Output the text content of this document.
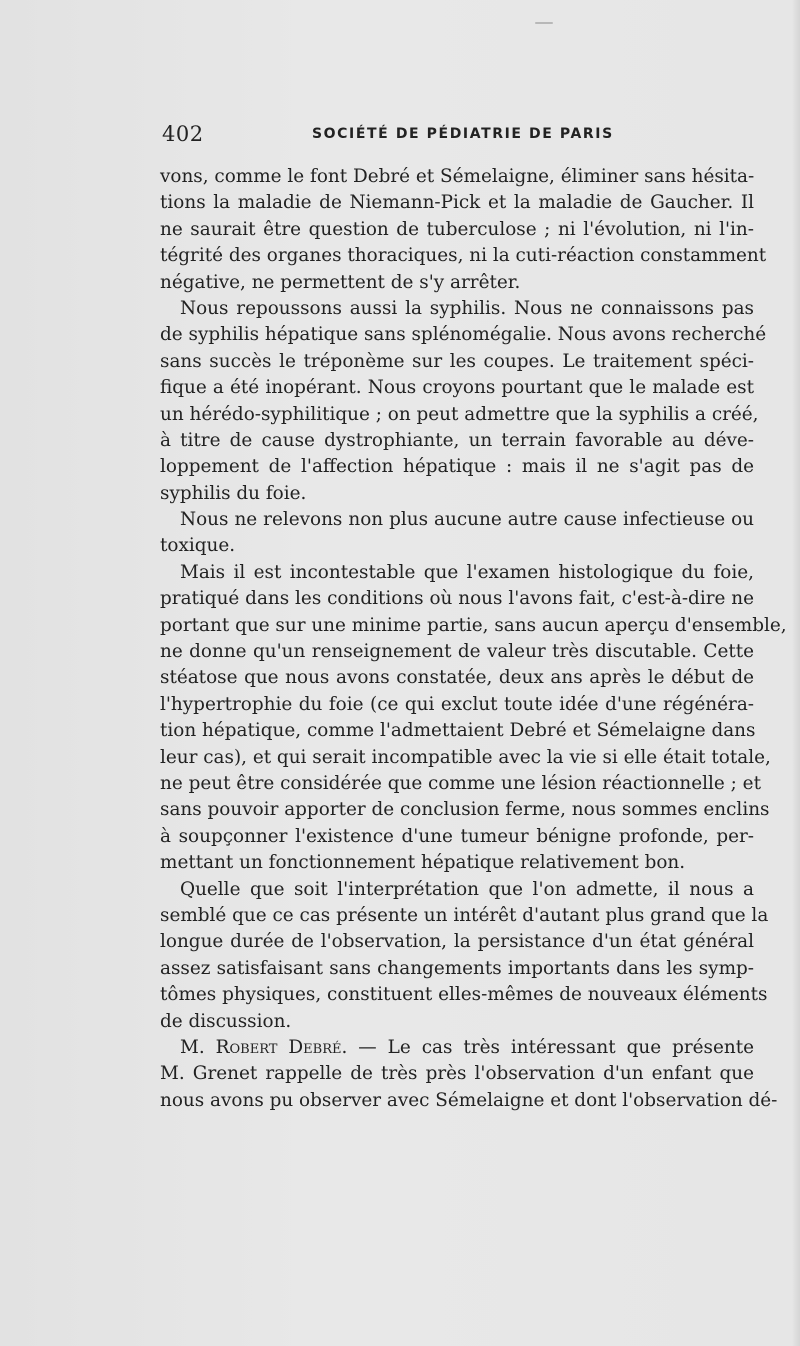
402	SOCIÉTÉ DE PÉDIATRIE DE PARIS
vons, comme le font Debré et Sémelaigne, éliminer sans hésita-
tions la maladie de Niemann-Pick et la maladie de Gaucher. Il
ne saurait être question de tuberculose ; ni l'évolution, ni l'in-
tégrité des organes thoraciques, ni la cuti-réaction constamment
négative, ne permettent de s'y arrêter.
Nous repoussons aussi la syphilis. Nous ne connaissons pas
de syphilis hépatique sans splénomégalie. Nous avons recherché
sans succès le tréponème sur les coupes. Le traitement spéci-
fique a été inopérant. Nous croyons pourtant que le malade est
un hérédo-syphilitique ; on peut admettre que la syphilis a créé,
à titre de cause dystrophiante, un terrain favorable au déve-
loppement de l'affection hépatique : mais il ne s'agit pas de
syphilis du foie.
Nous ne relevons non plus aucune autre cause infectieuse ou
toxique.
Mais il est incontestable que l'examen histologique du foie,
pratiqué dans les conditions où nous l'avons fait, c'est-à-dire ne
portant que sur une minime partie, sans aucun aperçu d'ensemble,
ne donne qu'un renseignement de valeur très discutable. Cette
stéatose que nous avons constatée, deux ans après le début de
l'hypertrophie du foie (ce qui exclut toute idée d'une régénéra-
tion hépatique, comme l'admettaient Debré et Sémelaigne dans
leur cas), et qui serait incompatible avec la vie si elle était totale,
ne peut être considérée que comme une lésion réactionnelle ; et
sans pouvoir apporter de conclusion ferme, nous sommes enclins
à soupçonner l'existence d'une tumeur bénigne profonde, per-
mettant un fonctionnement hépatique relativement bon.
Quelle que soit l'interprétation que l'on admette, il nous a
semblé que ce cas présente un intérêt d'autant plus grand que la
longue durée de l'observation, la persistance d'un état général
assez satisfaisant sans changements importants dans les symp-
tômes physiques, constituent elles-mêmes de nouveaux éléments
de discussion.
M. Robert Debré. — Le cas très intéressant que présente
M. Grenet rappelle de très près l'observation d'un enfant que
nous avons pu observer avec Sémelaigne et dont l'observation dé-
